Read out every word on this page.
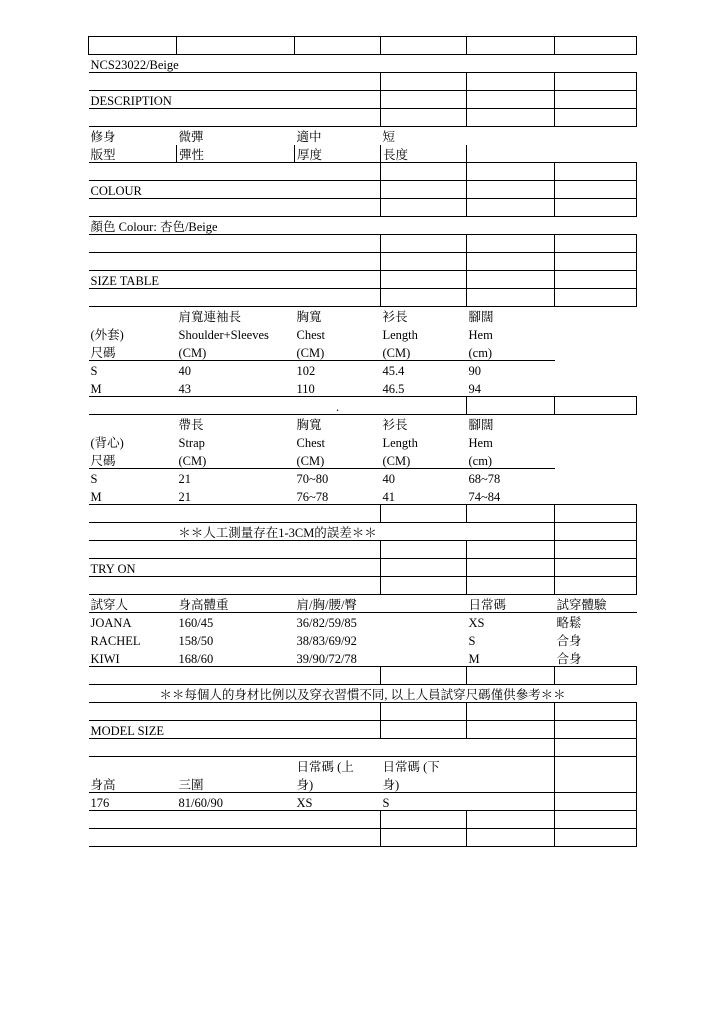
NCS23022/Beige					

DESCRIPTION					

修身	微彈	適中	短		
版型	彈性	厚度	長度		

COLOUR					

顏色 Colour: 杏色/Beige					

SIZE TABLE					

	肩寬連袖長	胸寬	衫長	腳闊	
(外套)	Shoulder+Sleeves	Chest	Length	Hem	
尺碼	(CM)	(CM)	(CM)	(cm)	
S	40	102	45.4	90	
M	43	110	46.5	94	
		.			
	帶長	胸寬	衫長	腳闊	
(背心)	Strap	Chest	Length	Hem	
尺碼	(CM)	(CM)	(CM)	(cm)	
S	21	70~80	40	68~78	
M	21	76~78	41	74~84	

＊＊人工測量存在1-3CM的誤差＊＊					

TRY ON					

試穿人	身高體重	肩/胸/腰/臀		日常碼	試穿體驗
JOANA	160/45	36/82/59/85		XS	略鬆
RACHEL	158/50	38/83/69/92		S	合身
KIWI	168/60	39/90/72/78		M	合身

＊＊每個人的身材比例以及穿衣習慣不同, 以上人員試穿尺碼僅供參考＊＊					

MODEL SIZE					

		日常碼 (上	日常碼 (下		
身高	三圍	身)	身)		
176	81/60/90	XS	S		
